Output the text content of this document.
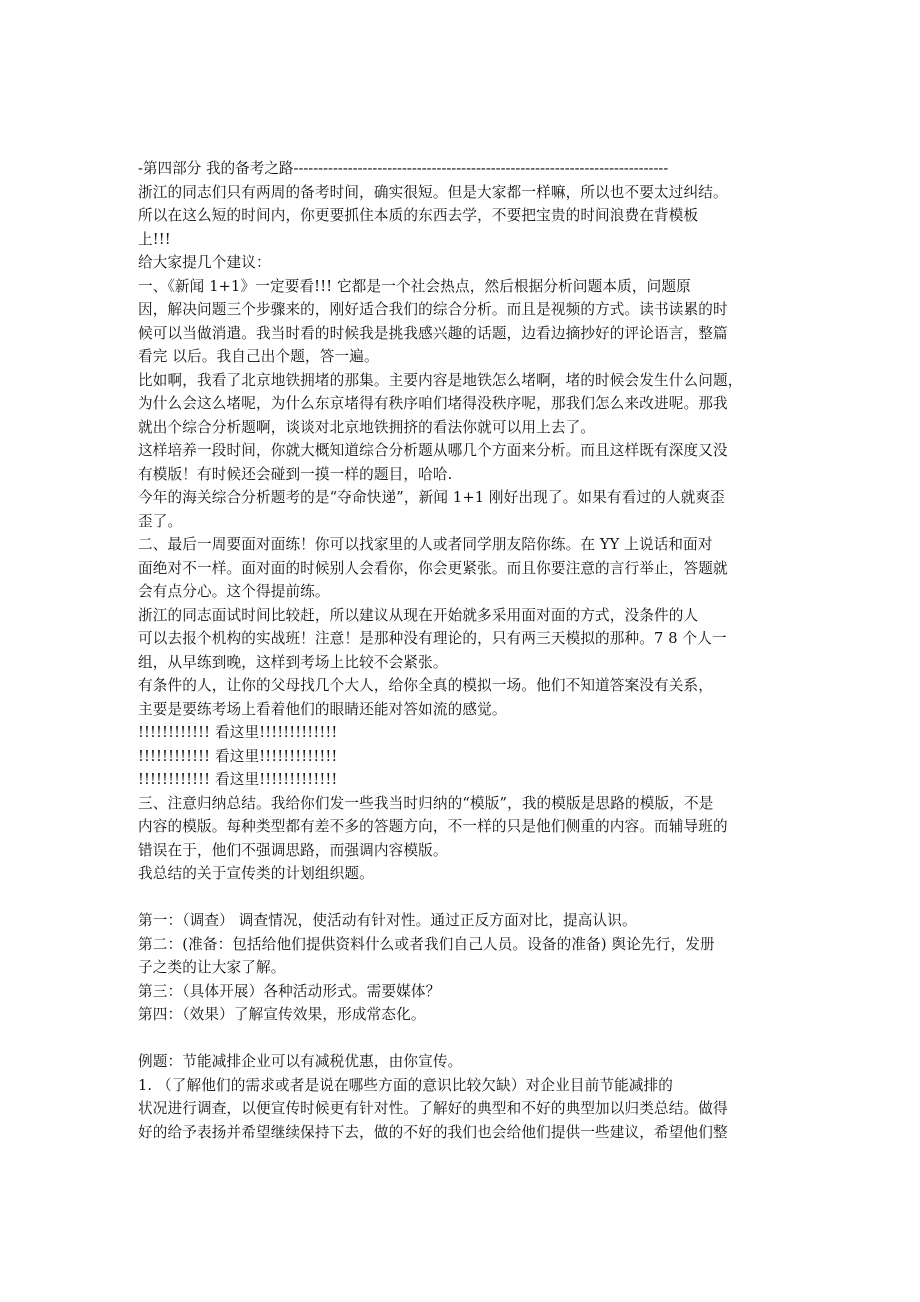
-第四部分 我的备考之路----------------------------------------------------------------------------
浙江的同志们只有两周的备考时间，确实很短。但是大家都一样嘛，所以也不要太过纠结。
所以在这么短的时间内，你更要抓住本质的东西去学，不要把宝贵的时间浪费在背模板
上!!!
给大家提几个建议：
一、《新闻 1+1》一定要看!!! 它都是一个社会热点，然后根据分析问题本质，问题原
因，解决问题三个步骤来的，刚好适合我们的综合分析。而且是视频的方式。读书读累的时
候可以当做消遣。我当时看的时候我是挑我感兴趣的话题，边看边摘抄好的评论语言，整篇
看完 以后。我自己出个题，答一遍。
比如啊，我看了北京地铁拥堵的那集。主要内容是地铁怎么堵啊，堵的时候会发生什么问题，
为什么会这么堵呢，为什么东京堵得有秩序咱们堵得没秩序呢，那我们怎么来改进呢。那我
就出个综合分析题啊，谈谈对北京地铁拥挤的看法你就可以用上去了。
这样培养一段时间，你就大概知道综合分析题从哪几个方面来分析。而且这样既有深度又没
有模版！有时候还会碰到一摸一样的题目，哈哈.
今年的海关综合分析题考的是“夺命快递”，新闻 1+1 刚好出现了。如果有看过的人就爽歪
歪了。
二、最后一周要面对面练！你可以找家里的人或者同学朋友陪你练。在 YY 上说话和面对
面绝对不一样。面对面的时候别人会看你，你会更紧张。而且你要注意的言行举止，答题就
会有点分心。这个得提前练。
浙江的同志面试时间比较赶，所以建议从现在开始就多采用面对面的方式，没条件的人
可以去报个机构的实战班！注意！是那种没有理论的，只有两三天模拟的那种。7 8 个人一
组，从早练到晚，这样到考场上比较不会紧张。
有条件的人，让你的父母找几个大人，给你全真的模拟一场。他们不知道答案没有关系，
主要是要练考场上看着他们的眼睛还能对答如流的感觉。
!!!!!!!!!!!! 看这里!!!!!!!!!!!!!
!!!!!!!!!!!! 看这里!!!!!!!!!!!!!
!!!!!!!!!!!! 看这里!!!!!!!!!!!!!
三、注意归纳总结。我给你们发一些我当时归纳的“模版”，我的模版是思路的模版，不是
内容的模版。每种类型都有差不多的答题方向，不一样的只是他们侧重的内容。而辅导班的
错误在于，他们不强调思路，而强调内容模版。
我总结的关于宣传类的计划组织题。
第一：（调查） 调查情况，使活动有针对性。通过正反方面对比，提高认识。
第二：(准备：包括给他们提供资料什么或者我们自己人员。设备的准备) 舆论先行，发册
子之类的让大家了解。
第三：（具体开展）各种活动形式。需要媒体？
第四：（效果）了解宣传效果，形成常态化。
例题：节能减排企业可以有减税优惠，由你宣传。
1. （了解他们的需求或者是说在哪些方面的意识比较欠缺）对企业目前节能减排的
状况进行调查，以便宣传时候更有针对性。了解好的典型和不好的典型加以归类总结。做得
好的给予表扬并希望继续保持下去，做的不好的我们也会给他们提供一些建议，希望他们整
